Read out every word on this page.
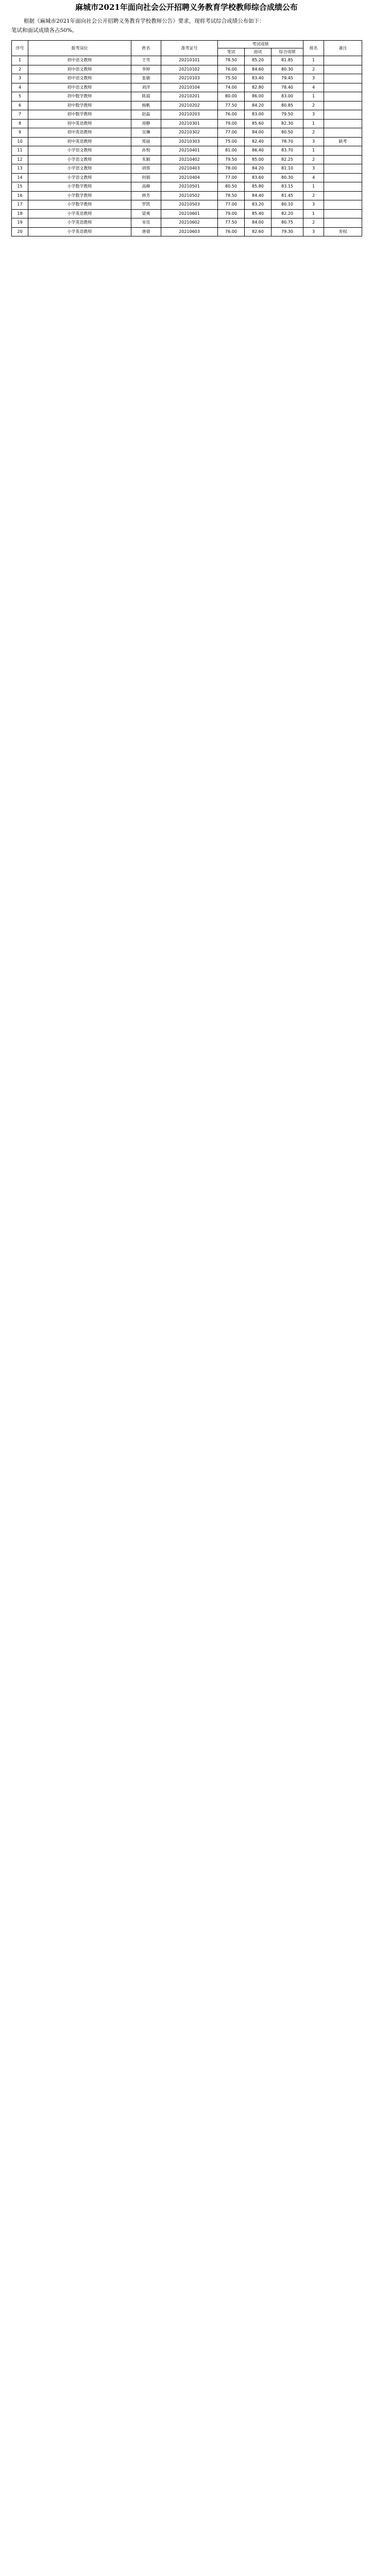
麻城市2021年面向社会公开招聘义务教育学校教师综合成绩公布
根据《麻城市2021年面向社会公开招聘义务教育学校教师公告》要求，现将考试综合成绩公布如下：
笔试和面试成绩各占50%。
序号	报考岗位	姓名	准考证号	考试成绩			排名	备注
				笔试	面试	综合成绩		
1	初中语文教师	王雪	20210101	78.50	85.20	81.85	1	
2	初中语文教师	李婷	20210102	76.00	84.60	80.30	2	
3	初中语文教师	张敏	20210103	75.50	83.40	79.45	3	
4	初中语文教师	刘洋	20210104	74.00	82.80	78.40	4	
5	初中数学教师	陈晨	20210201	80.00	86.00	83.00	1	
6	初中数学教师	杨帆	20210202	77.50	84.20	80.85	2	
7	初中数学教师	赵磊	20210203	76.00	83.00	79.50	3	
8	初中英语教师	周静	20210301	79.00	85.60	82.30	1	
9	初中英语教师	吴琳	20210302	77.00	84.00	80.50	2	
10	初中英语教师	郑丽	20210303	75.00	82.40	78.70	3	缺考
11	小学语文教师	孙悦	20210401	81.00	86.40	83.70	1	
12	小学语文教师	朱颖	20210402	79.50	85.00	82.25	2	
13	小学语文教师	胡蓉	20210403	78.00	84.20	81.10	3	
14	小学语文教师	何娟	20210404	77.00	83.60	80.30	4	
15	小学数学教师	高峰	20210501	80.50	85.80	83.15	1	
16	小学数学教师	林芳	20210502	78.50	84.40	81.45	2	
17	小学数学教师	罗凯	20210503	77.00	83.20	80.10	3	
18	小学英语教师	梁爽	20210601	79.00	85.40	82.20	1	
19	小学英语教师	宋佳	20210602	77.50	84.00	80.75	2	
20	小学英语教师	唐倩	20210603	76.00	82.60	79.30	3	弃权
